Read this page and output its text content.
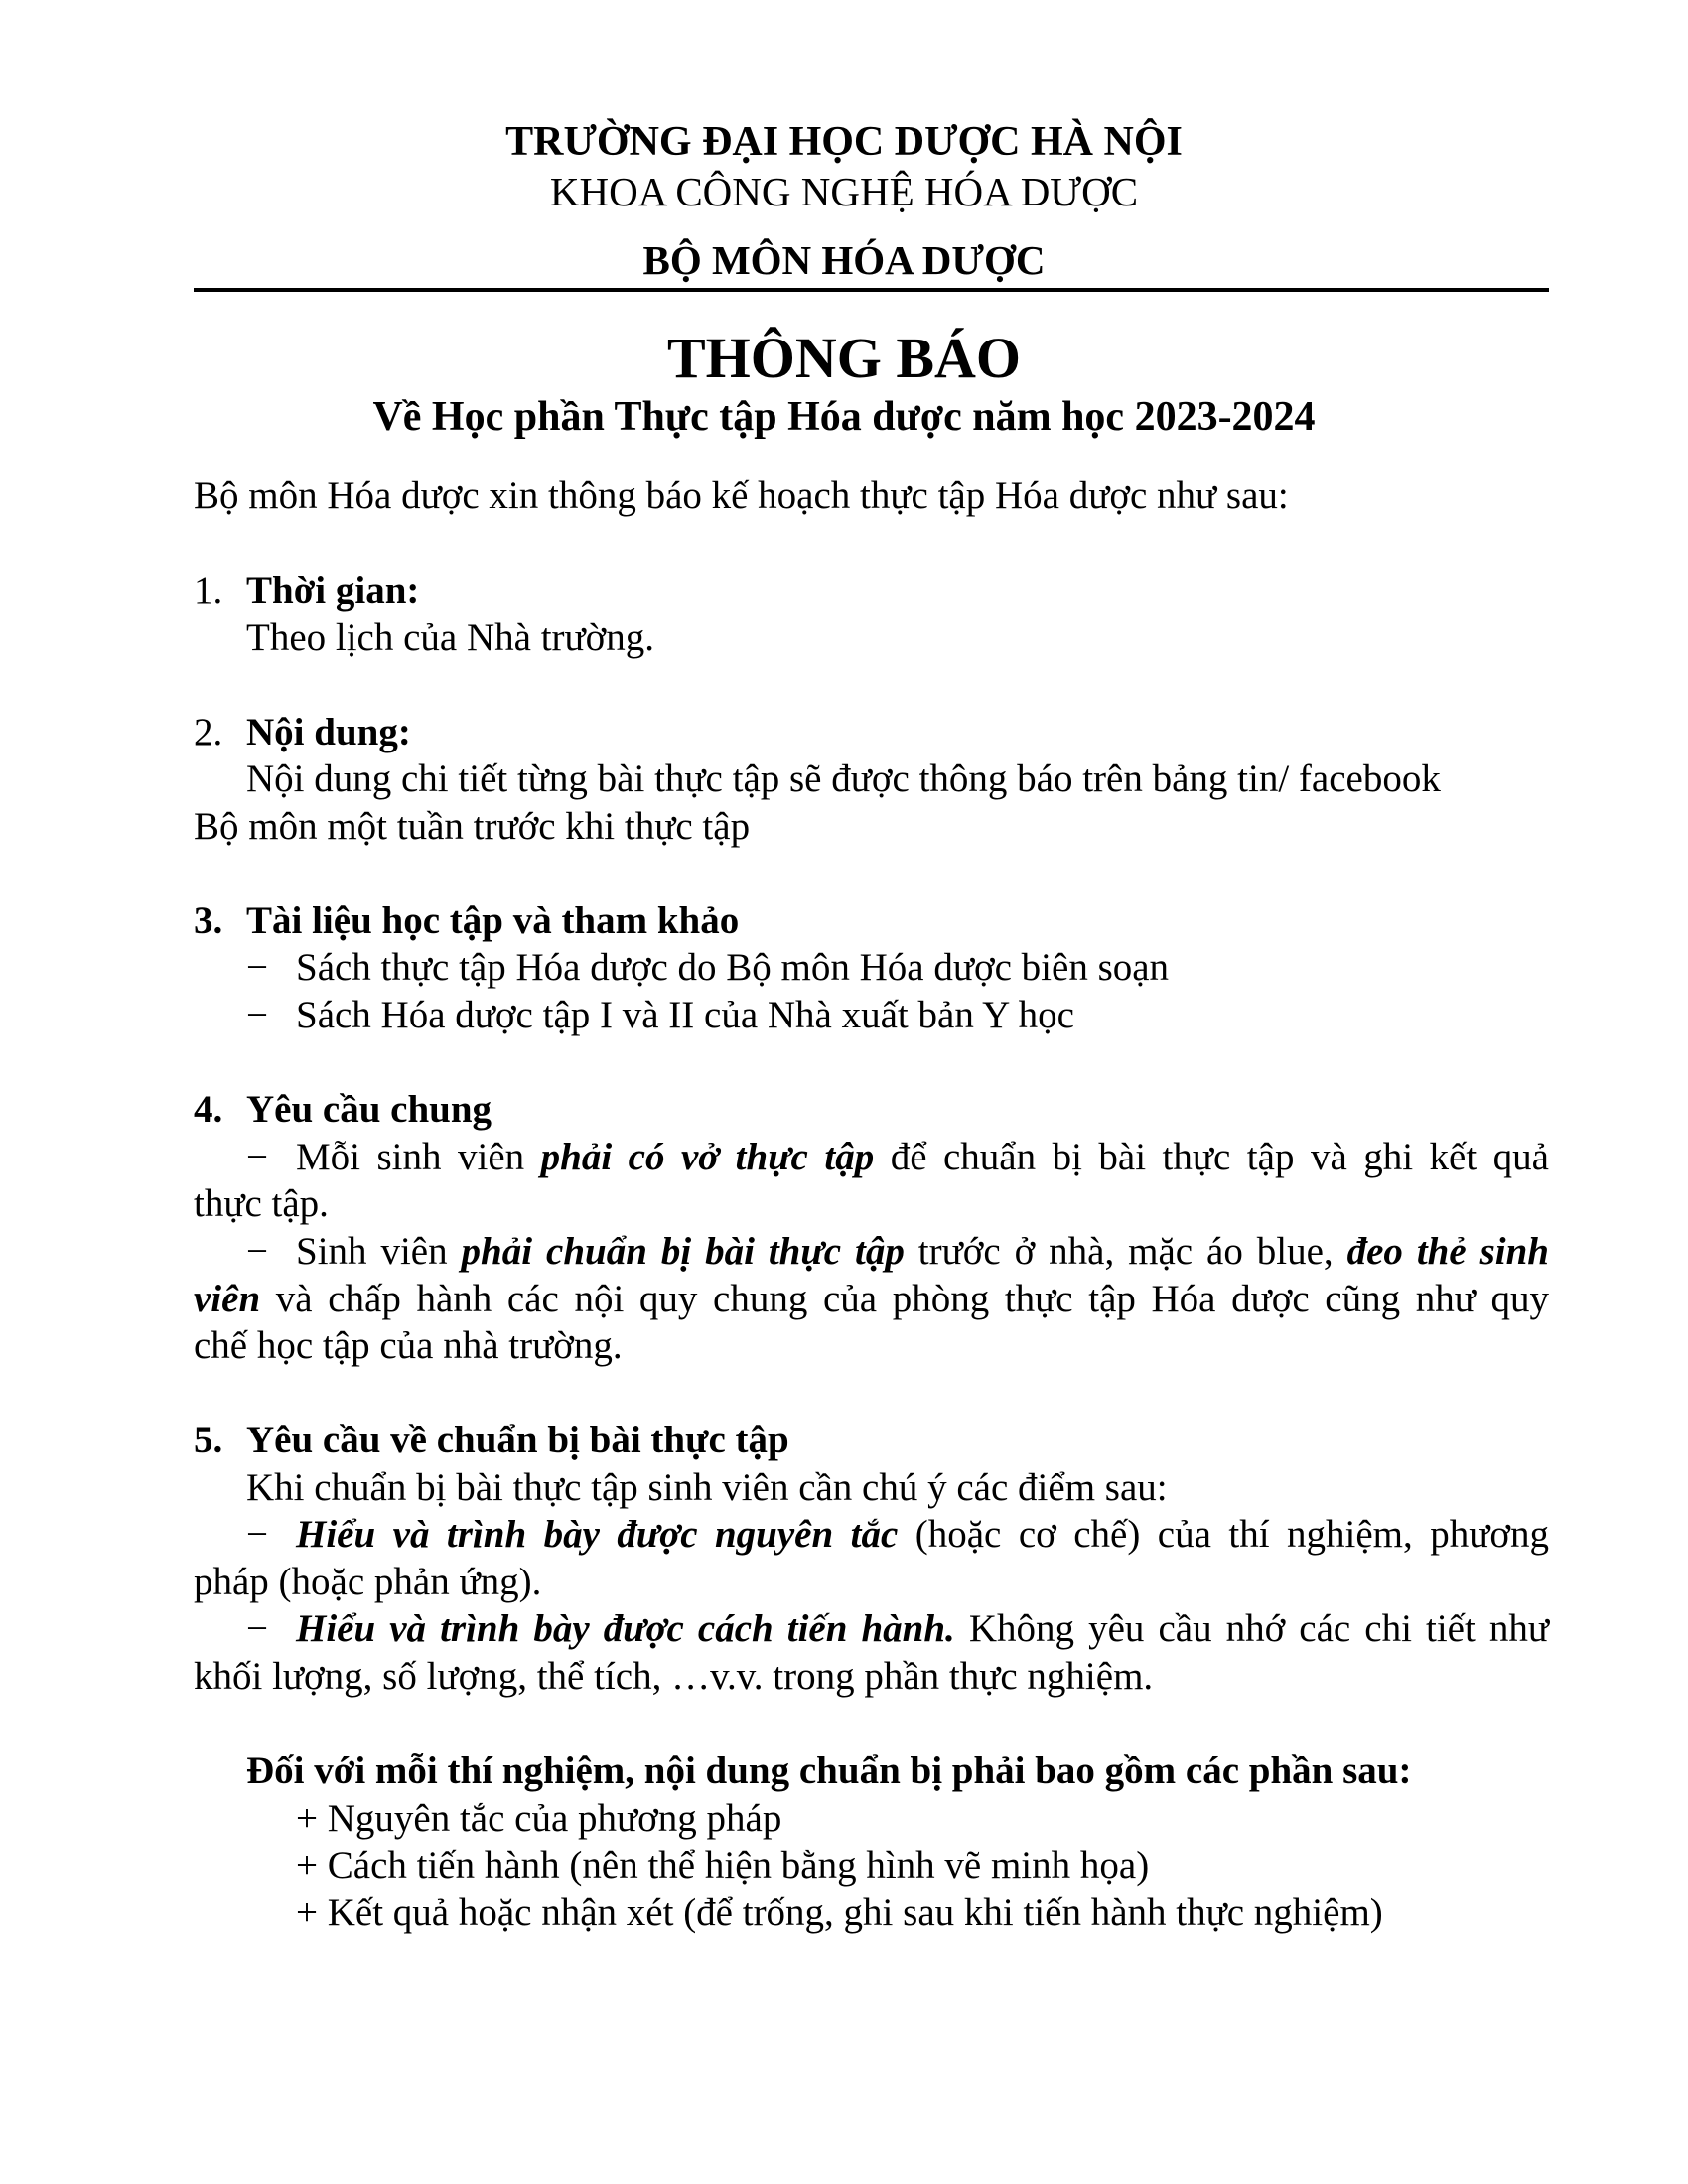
TRƯỜNG ĐẠI HỌC DƯỢC HÀ NỘI
KHOA CÔNG NGHỆ HÓA DƯỢC
BỘ MÔN HÓA DƯỢC
THÔNG BÁO
Về Học phần Thực tập Hóa dược năm học 2023-2024
Bộ môn Hóa dược xin thông báo kế hoạch thực tập Hóa dược như sau:
1. Thời gian:
Theo lịch của Nhà trường.
2. Nội dung:
Nội dung chi tiết từng bài thực tập sẽ được thông báo trên bảng tin/ facebook
Bộ môn một tuần trước khi thực tập
3. Tài liệu học tập và tham khảo
− Sách thực tập Hóa dược do Bộ môn Hóa dược biên soạn
− Sách Hóa dược tập I và II của Nhà xuất bản Y học
4. Yêu cầu chung
− Mỗi sinh viên phải có vở thực tập để chuẩn bị bài thực tập và ghi kết quả
thực tập.
− Sinh viên phải chuẩn bị bài thực tập trước ở nhà, mặc áo blue, đeo thẻ sinh
viên và chấp hành các nội quy chung của phòng thực tập Hóa dược cũng như quy
chế học tập của nhà trường.
5. Yêu cầu về chuẩn bị bài thực tập
Khi chuẩn bị bài thực tập sinh viên cần chú ý các điểm sau:
− Hiểu và trình bày được nguyên tắc (hoặc cơ chế) của thí nghiệm, phương
pháp (hoặc phản ứng).
− Hiểu và trình bày được cách tiến hành. Không yêu cầu nhớ các chi tiết như
khối lượng, số lượng, thể tích, …v.v. trong phần thực nghiệm.
Đối với mỗi thí nghiệm, nội dung chuẩn bị phải bao gồm các phần sau:
+ Nguyên tắc của phương pháp
+ Cách tiến hành (nên thể hiện bằng hình vẽ minh họa)
+ Kết quả hoặc nhận xét (để trống, ghi sau khi tiến hành thực nghiệm)
